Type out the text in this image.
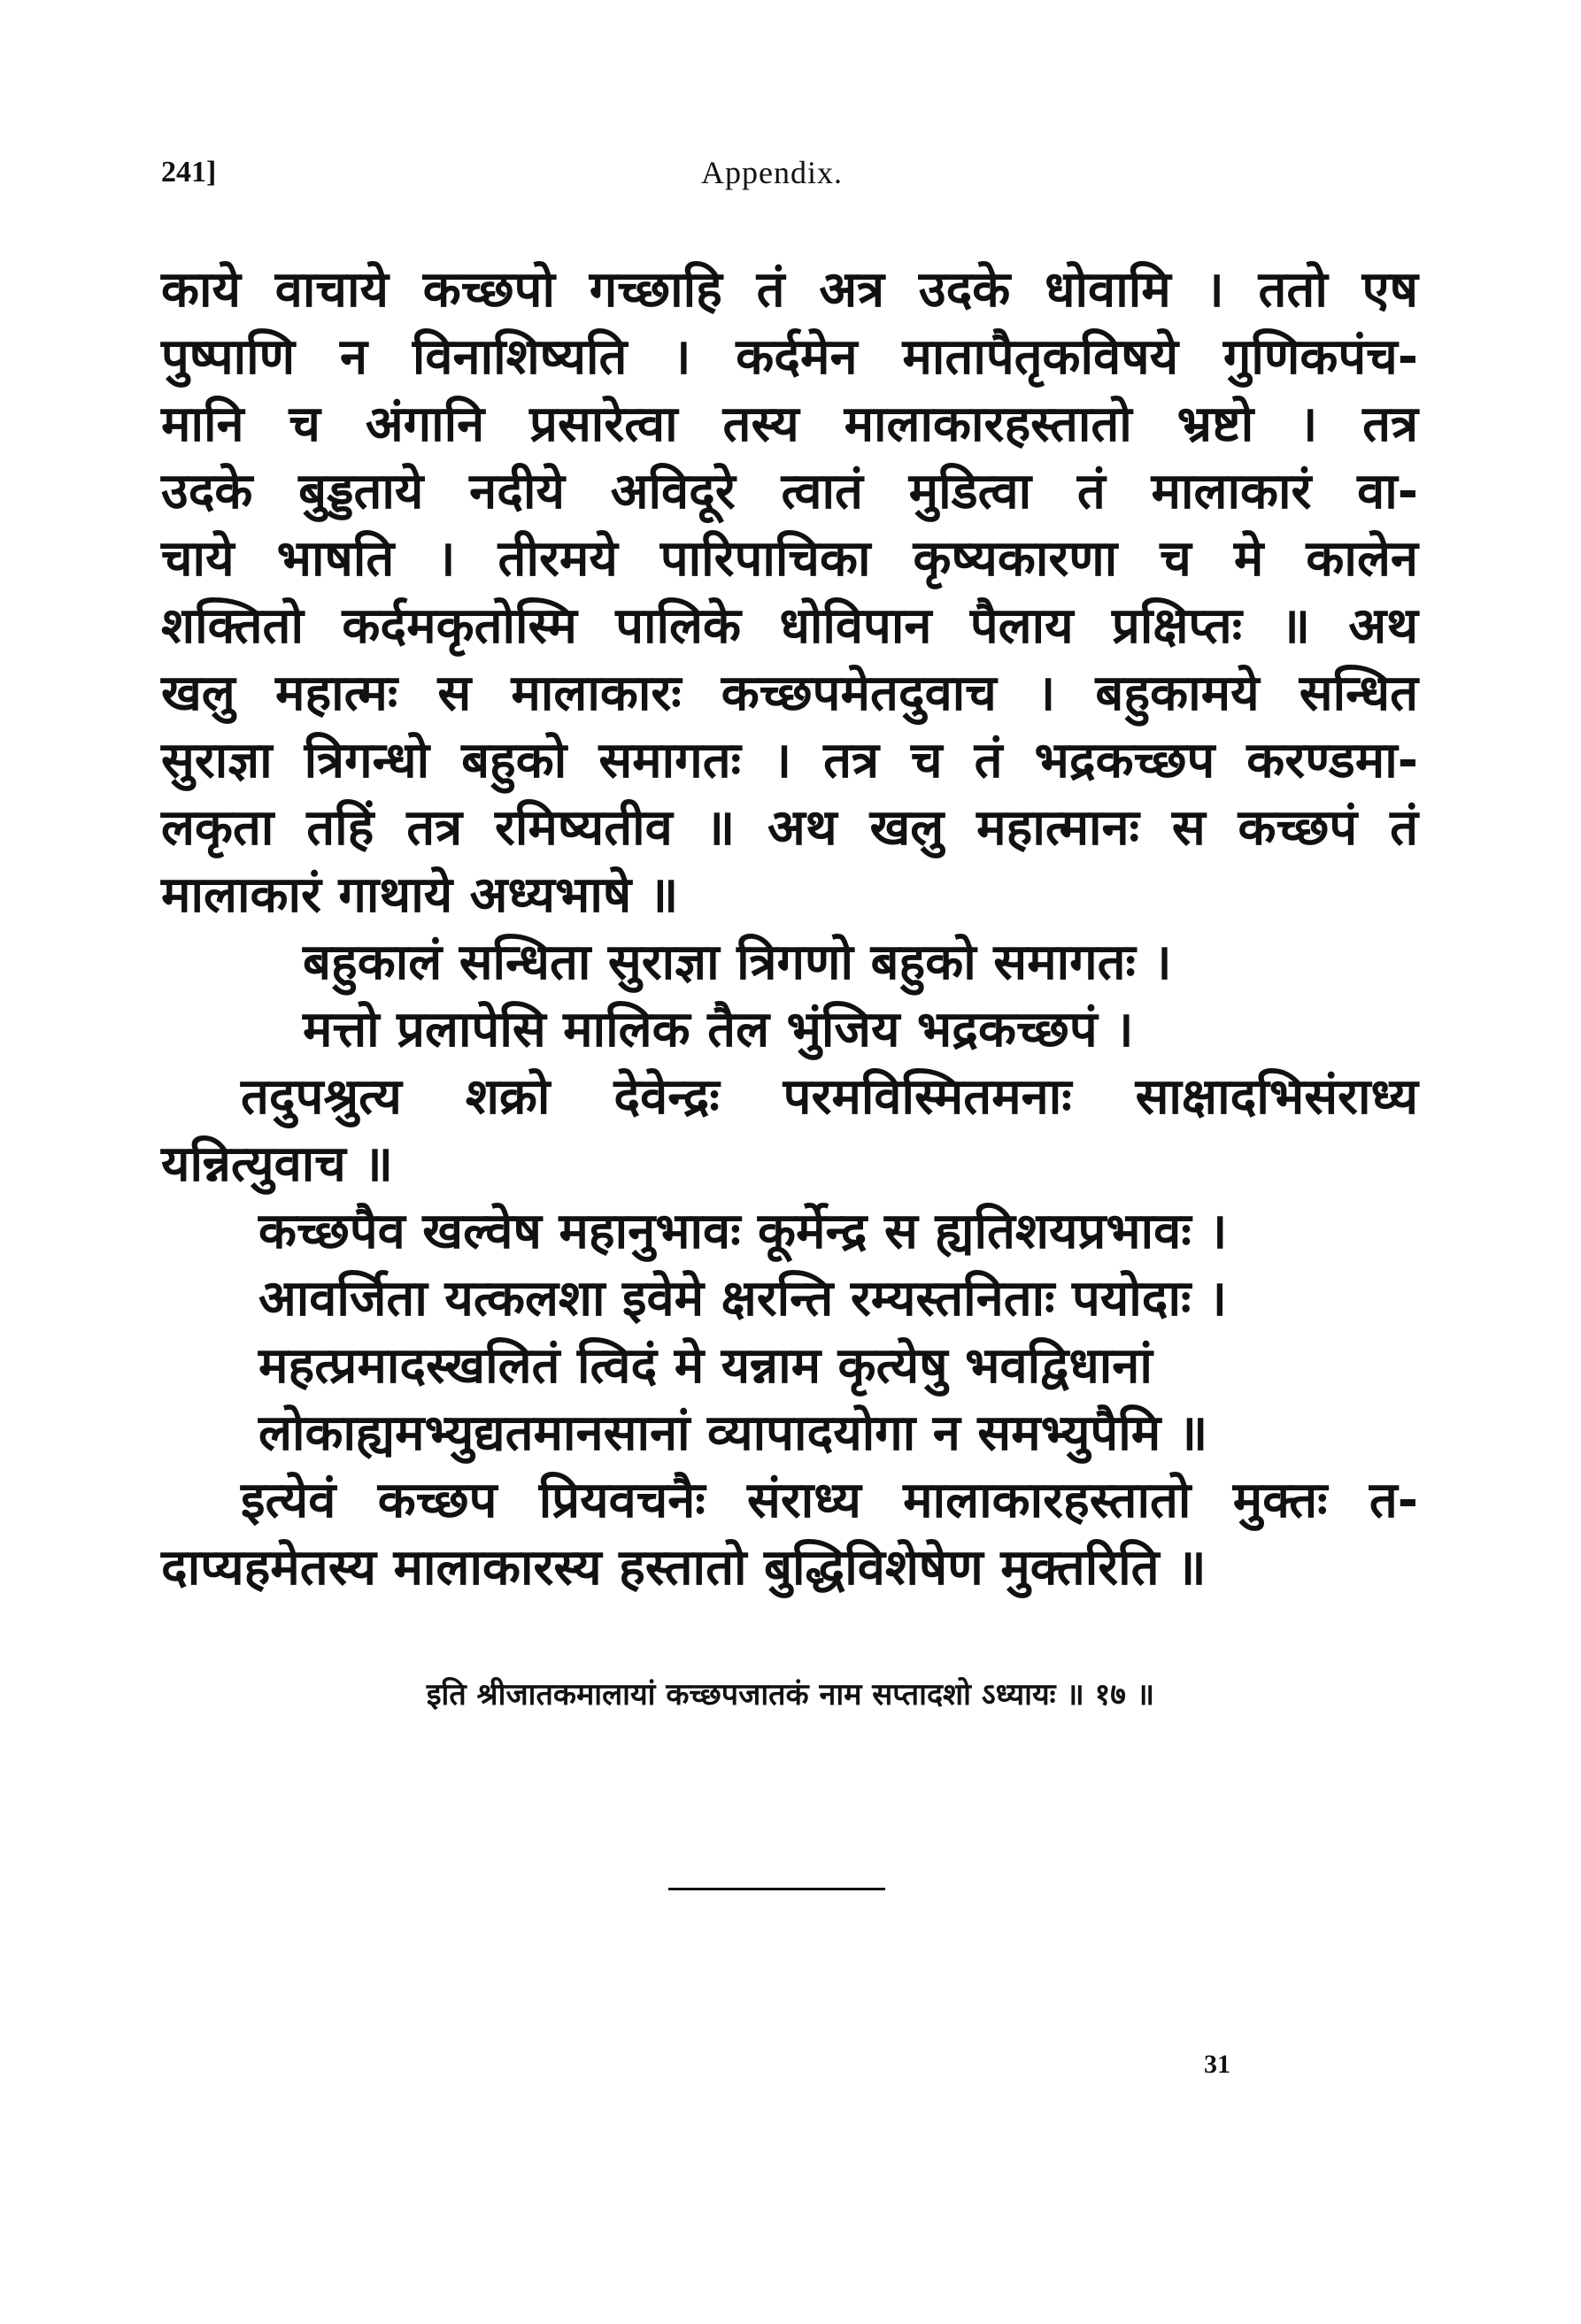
241]	Appendix.
काये वाचाये कच्छपो गच्छाहि तं अत्र उदके धोवामि । ततो एष
पुष्पाणि न विनाशिष्यति । कर्दमेन मातापैतृकविषये गुणिकपंच-
मानि च अंगानि प्रसारेत्वा तस्य मालाकारहस्तातो भ्रष्टो । तत्र
उदके बुड्डताये नदीये अविदूरे त्वातं मुडित्वा तं मालाकारं वा-
चाये भाषति । तीरमये पारिपाचिका कृष्यकारणा च मे कालेन
शक्तितो कर्दमकृतोस्मि पालिके धोविपान पैलाय प्रक्षिप्तः ॥ अथ
खलु महात्मः स मालाकारः कच्छपमेतदुवाच । बहुकामये सन्धित
सुराज्ञा त्रिगन्धो बहुको समागतः । तत्र च तं भद्रकच्छप करण्डमा-
लकृता तहिं तत्र रमिष्यतीव ॥ अथ खलु महात्मानः स कच्छपं तं
मालाकारं गाथाये अध्यभाषे ॥
बहुकालं सन्धिता सुराज्ञा त्रिगणो बहुको समागतः ।
मत्तो प्रलापेसि मालिक तैल भुंजिय भद्रकच्छपं ।
तदुपश्रुत्य शक्रो देवेन्द्रः परमविस्मितमनाः साक्षादभिसंराध्य
यन्नित्युवाच ॥
कच्छपैव खल्वेष महानुभावः कूर्मेन्द्र स ह्यतिशयप्रभावः ।
आवर्जिता यत्कलशा इवेमे क्षरन्ति रम्यस्तनिताः पयोदाः ।
महत्प्रमादस्खलितं त्विदं मे यन्नाम कृत्येषु भवद्विधानां
लोकाह्यमभ्युद्यतमानसानां व्यापादयोगा न समभ्युपैमि ॥
इत्येवं कच्छप प्रियवचनैः संराध्य मालाकारहस्तातो मुक्तः त-
दाप्यहमेतस्य मालाकारस्य हस्तातो बुद्धिविशेषेण मुक्तरिति ॥
इति श्रीजातकमालायां कच्छपजातकं नाम सप्तादशो ऽध्यायः ॥ १७ ॥
31
